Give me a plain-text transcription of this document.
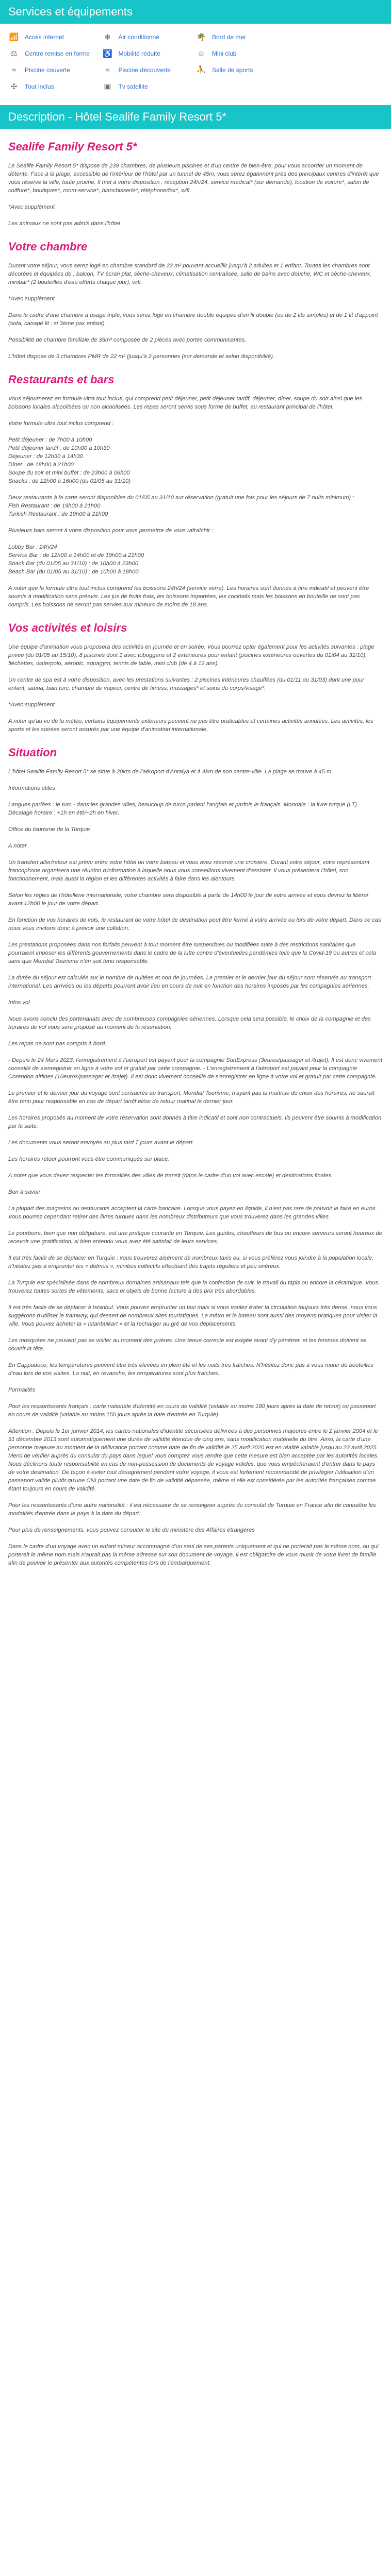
Services et équipements
📶 Accès internet	❄	Air conditionné	🌴 Bord de mer
⚖	Centre remise en forme ♿ Mobilité réduite	☺ Mini club
≈	Piscine couverte	≈	Piscine découverte	⛹ Salle de sports
✣	Tout inclus	▣	Tv satellite
Description - Hôtel Sealife Family Resort 5*
Sealife Family Resort 5*

Le Sealife Family Resort 5* dispose de 239 chambres, de plusieurs piscines et d'un centre de bien-être, pour vous accorder un moment de détente. Face à la plage, accessible de l'intérieur de l'hôtel par un tunnel de 45m, vous serez également près des principaux centres d'intérêt que vous réserve la ville, toute proche. Il met à votre disposition : réception 24h/24, service médical* (sur demande), location de voiture*, salon de coiffure*, boutiques*, room-service*, blanchisserie*, téléphone/fax*, wifi.

*Avec supplément

Les animaux ne sont pas admis dans l'hôtel

Votre chambre

Durant votre séjour, vous serez logé en chambre standard de 22 m² pouvant accueillir jusqu'à 2 adultes et 1 enfant. Toutes les chambres sont décorées et équipées de : balcon, TV écran plat, sèche-cheveux, climatisation centralisée, salle de bains avec douche, WC et sèche-cheveux, minibar* (2 bouteilles d'eau offerts chaque jour), wifi.

*Avec supplément

Dans le cadre d'une chambre à usage triple, vous serez logé en chambre double équipée d'un lit double (ou de 2 lits simples) et de 1 lit d'appoint (sofa, canapé lit : si 3ème pax enfant).

Possibilité de chambre familiale de 35m² composée de 2 pièces avec portes communicantes.

L'hôtel dispose de 3 chambres PMR de 22 m² (jusqu'à 2 personnes (sur demande et selon disponibilité).

Restaurants et bars

Vous séjournerez en formule ultra tout inclus, qui comprend petit déjeuner, petit déjeuner tardif, déjeuner, dîner, soupe du soir ainsi que les boissons locales alcoolisées ou non alcoolisées. Les repas seront servis sous forme de buffet, au restaurant principal de l'hôtel.

Votre formule ultra tout inclus comprend :

Petit déjeuner : de 7h00 à 10h00
Petit déjeuner tardif : de 10h00 à 10h30
Déjeuner : de 12h30 à 14h30
Dîner : de 18h00 à 21h00
Soupe du soir et mini buffet : de 23h00 à 06h00
Snacks : de 12h00 à 16h00 (du 01/05 au 31/10)
Deux restaurants à la carte seront disponibles du 01/05 au 31/10 sur réservation (gratuit une fois pour les séjours de 7 nuits minimum) :
Fish Restaurant : de 19h00 à 21h00
Turkish Restaurant : de 19h00 à 21h00

Plusieurs bars seront à votre disposition pour vous permettre de vous rafraîchir :

Lobby Bar : 24h/24
Service Bar : de 12h00 à 14h00 et de 19h00 à 21h00
Snack Bar (du 01/05 au 31/10) : de 10h00 à 23h00
Beach Bar (du 01/05 au 31/10) : de 10h00 à 18h00

A noter que la formule ultra tout inclus comprend les boissons 24h/24 (service verre). Les horaires sont donnés à titre indicatif et peuvent être soumis à modification sans préavis. Les jus de fruits frais, les boissons importées, les cocktails mais les boissons en bouteille ne sont pas compris. Les boissons ne seront pas servies aux mineurs de moins de 18 ans.

Vos activités et loisirs

Une équipe d'animation vous proposera des activités en journée et en soirée. Vous pourrez opter également pour les activités suivantes : plage privée (du 01/05 au 15/10), 8 piscines dont 1 avec toboggans et 2 extérieures pour enfant (piscines extérieures ouvertes du 01/04 au 31/10), fléchettes, waterpolo, aérobic, aquagym, tennis de table, mini club (de 4 à 12 ans).

Un centre de spa est à votre disposition, avec les prestations suivantes : 2 piscines intérieures chauffées (du 01/11 au 31/03) dont une pour enfant, sauna, bain turc, chambre de vapeur, centre de fitness, massages* et soins du corps/visage*.

*Avec supplément

A noter qu'au vu de la météo, certains équipements extérieurs peuvent ne pas être praticables et certaines activités annulées. Les activités, les sports et les soirées seront assurés par une équipe d'animation internationale.

Situation

L'hôtel Sealife Family Resort 5* se situe à 20km de l'aéroport d'Antalya et à 4km de son centre-ville. La plage se trouve à 45 m.

Informations utiles

Langues parlées : le turc - dans les grandes villes, beaucoup de turcs parlent l'anglais et parfois le français. Monnaie : la livre turque (LT). Décalage horaire : +1h en été/+2h en hiver.

Office du tourisme de la Turquie

A noter

Un transfert aller/retour est prévu entre votre hôtel ou votre bateau et vous avez réservé une croisière. Durant votre séjour, votre représentant francophone organisera une réunion d'information à laquelle nous vous conseillons vivement d'assister. Il vous présentera l'hôtel, son fonctionnement, mais aussi la région et les différentes activités à faire dans les alentours.

Selon les règles de l'hôtellerie internationale, votre chambre sera disponible à partir de 14h00 le jour de votre arrivée et vous devrez la libérer avant 12h00 le jour de votre départ.

En fonction de vos horaires de vols, le restaurant de votre hôtel de destination peut être fermé à votre arrivée ou lors de votre départ. Dans ce cas nous vous invitons donc à prévoir une collation.

Les prestations proposées dans nos forfaits peuvent à tout moment être suspendues ou modifiées suite à des restrictions sanitaires que pourraient imposer les différents gouvernements dans le cadre de la lutte contre d'éventuelles pandémies telle que la Covid-19 ou autres et cela sans que Mondial Tourisme n'en soit tenu responsable.

La durée du séjour est calculée sur le nombre de nuitées et non de journées. Le premier et le dernier jour du séjour sont réservés au transport international. Les arrivées ou les départs pourront avoir lieu en cours de nuit en fonction des horaires imposés par les compagnies aériennes.

Infos vol

Nous avons conclu des partenariats avec de nombreuses compagnies aériennes. Lorsque cela sera possible, le choix de la compagnie et des horaires de vol vous sera proposé au moment de la réservation.

Les repas ne sont pas compris à bord.

- Depuis le 24 Mars 2023, l'enregistrement à l'aéroport est payant pour la compagnie SunExpress (3euros/passager et /trajet). Il est donc vivement conseillé de s'enregistrer en ligne à votre vol et gratuit par cette compagnie. - L'enregistrement à l'aéroport est payant pour la compagnie Corendon airlines (10euros/passager et /trajet). Il est donc vivement conseillé de s'enregistrer en ligne à votre vol et gratuit par cette compagnie.

Le premier et le dernier jour du voyage sont consacrés au transport. Mondial Tourisme, n'ayant pas la maîtrise du choix des horaires, ne saurait être tenu pour responsable en cas de départ tardif et/ou de retour matinal le dernier jour.

Les horaires proposés au moment de votre réservation sont donnés à titre indicatif et sont non contractuels. Ils peuvent être soumis à modification par la suite.

Les documents vous seront envoyés au plus tard 7 jours avant le départ.

Les horaires retour pourront vous être communiqués sur place.

A noter que vous devez respecter les formalités des villes de transit (dans le cadre d'un vol avec escale) et destinations finales.

Bon à savoir

La plupart des magasins ou restaurants acceptent la carte bancaire. Lorsque vous payez en liquide, il n'est pas rare de pouvoir le faire en euros. Vous pourrez cependant retirer des livres turques dans les nombreux distributeurs que vous trouverez dans les grandes villes.

Le pourboire, bien que non obligatoire, est une pratique courante en Turquie. Les guides, chauffeurs de bus ou encore serveurs seront heureux de recevoir une gratification, si bien entendu vous avez été satisfait de leurs services.

Il est très facile de se déplacer en Turquie : vous trouverez aisément de nombreux taxis ou, si vous préférez vous joindre à la population locale, n'hésitez pas à emprunter les « dolmus », minibus collectifs effectuant des trajets réguliers et peu onéreux.

La Turquie est spécialisée dans de nombreux domaines artisanaux tels que la confection de cuir, le travail du tapis ou encore la céramique. Vous trouverez toutes sortes de vêtements, sacs et objets de bonne facture à des prix très abordables.

Il est très facile de se déplacer à Istanbul. Vous pouvez emprunter un taxi mais si vous voulez éviter la circulation toujours très dense, nous vous suggérons d'utiliser le tramway, qui dessert de nombreux sites touristiques. Le métro et le bateau sont aussi des moyens pratiques pour visiter la ville. Vous pouvez acheter la « Istanbulkart » et la recharger au gré de vos déplacements.

Les mosquées ne peuvent pas se visiter au moment des prières. Une tenue correcte est exigée avant d'y pénétrer, et les femmes doivent se couvrir la tête.

En Cappadoce, les températures peuvent être très élevées en plein été et les nuits très fraîches. N'hésitez donc pas à vous munir de bouteilles d'eau lors de vos visites. La nuit, en revanche, les températures sont plus fraîches.

Formalités

Pour les ressortissants français : carte nationale d'identité en cours de validité (valable au moins 180 jours après la date de retour) ou passeport en cours de validité (valable au moins 150 jours après la date d'entrée en Turquie).

Attention : Depuis le 1er janvier 2014, les cartes nationales d'identité sécurisées délivrées à des personnes majeures entre le 2 janvier 2004 et le 31 décembre 2013 sont automatiquement une durée de validité étendue de cinq ans, sans modification matérielle du titre. Ainsi, la carte d'une personne majeure au moment de la délivrance portant comme date de fin de validité le 25 avril 2020 est en réalité valable jusqu'au 23 avril 2025. Merci de vérifier auprès du consulat du pays dans lequel vous comptez vous rendre que cette mesure est bien acceptée par les autorités locales. Nous déclinons toute responsabilité en cas de non-possession de documents de voyage valides, que vous empêcheraient d'entrer dans le pays de votre destination. De façon à éviter tout désagrément pendant votre voyage, il vous est fortement recommandé de privilégier l'utilisation d'un passeport valide plutôt qu'une CNI portant une date de fin de validité dépassée, même si elle est considérée par les autorités françaises comme étant toujours en cours de validité.

Pour les ressortissants d'une autre nationalité : il est nécessaire de se renseigner auprès du consulat de Turquie en France afin de connaître les modalités d'entrée dans le pays à la date du départ.

Pour plus de renseignements, vous pouvez consulter le site du ministère des Affaires étrangères

Dans le cadre d'un voyage avec un enfant mineur accompagné d'un seul de ses parents uniquement et qui ne porterait pas le même nom, ou qui porterait le même nom mais n'aurait pas la même adresse sur son document de voyage, il est obligatoire de vous munir de votre livret de famille afin de pouvoir le présenter aux autorités compétentes lors de l'embarquement.
